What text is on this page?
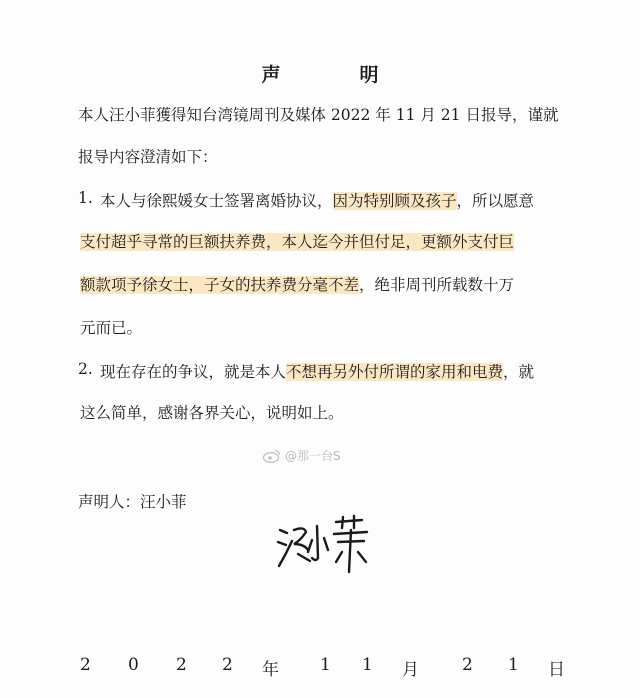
声　明
本人汪小菲獲得知台湾镜周刊及媒体 2022 年 11 月 21 日报导，谨就
报导内容澄清如下：
1. 本人与徐熙媛女士签署离婚协议，因为特别顾及孩子，所以愿意
支付超乎寻常的巨额扶养费，本人迄今并但付足，更额外支付巨
额款项予徐女士，子女的扶养费分毫不差，绝非周刊所载数十万
元而已。
2. 现在存在的争议，就是本人不想再另外付所谓的家用和电费，就
这么简单，感谢各界关心，说明如上。
@那一台S
声明人：汪小菲
2 0 2 2 年 1 1 月	2 1 日
